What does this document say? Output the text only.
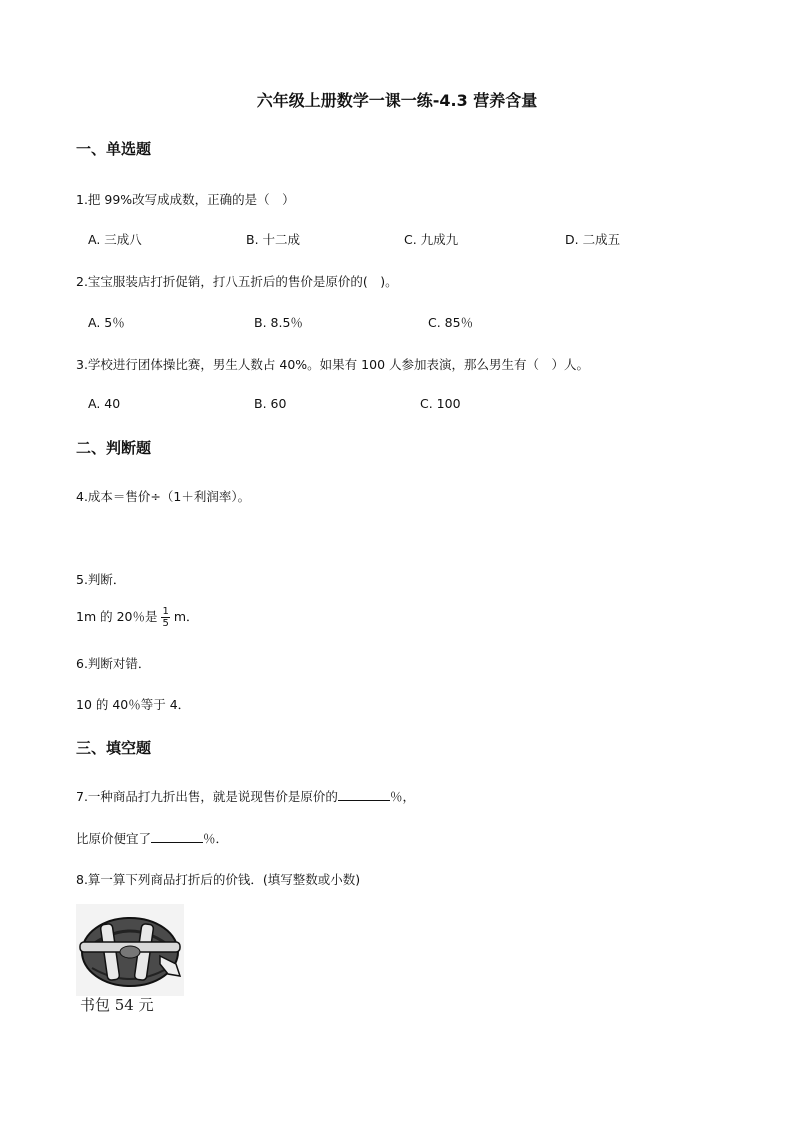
六年级上册数学一课一练-4.3 营养含量
一、单选题
1.把 99%改写成成数，正确的是（　）
A. 三成八	B. 十二成	C. 九成九	D. 二成五
2.宝宝服装店打折促销，打八五折后的售价是原价的(　)。
A. 5％	B. 8.5％	C. 85％
3.学校进行团体操比赛，男生人数占 40%。如果有 100 人参加表演，那么男生有（　）人。
A. 40	B. 60	C. 100
二、判断题
4.成本＝售价÷（1＋利润率）。
5.判断．
1m 的 20％是 $\frac{1}{5}$ m．
6.判断对错．
10 的 40％等于 4．
三、填空题
7.一种商品打九折出售，就是说现售价是原价的	％，
比原价便宜了	％．
8.算一算下列商品打折后的价钱．(填写整数或小数)
书包 54 元
